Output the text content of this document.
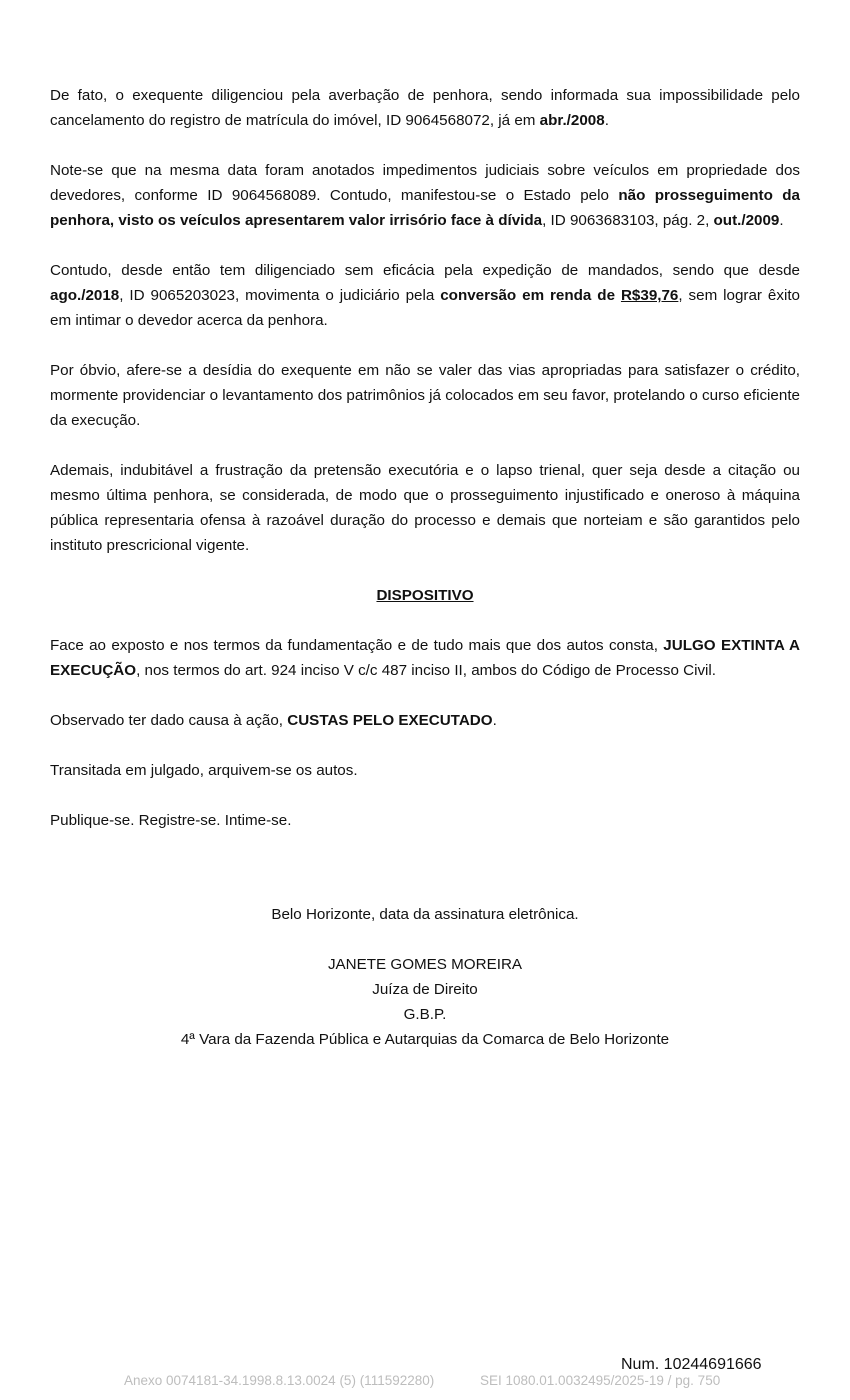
De fato, o exequente diligenciou pela averbação de penhora, sendo informada sua impossibilidade pelo cancelamento do registro de matrícula do imóvel, ID 9064568072, já em abr./2008.

Note-se que na mesma data foram anotados impedimentos judiciais sobre veículos em propriedade dos devedores, conforme ID 9064568089. Contudo, manifestou-se o Estado pelo não prosseguimento da penhora, visto os veículos apresentarem valor irrisório face à dívida, ID 9063683103, pág. 2, out./2009.

Contudo, desde então tem diligenciado sem eficácia pela expedição de mandados, sendo que desde ago./2018, ID 9065203023, movimenta o judiciário pela conversão em renda de R$39,76, sem lograr êxito em intimar o devedor acerca da penhora.

Por óbvio, afere-se a desídia do exequente em não se valer das vias apropriadas para satisfazer o crédito, mormente providenciar o levantamento dos patrimônios já colocados em seu favor, protelando o curso eficiente da execução.

Ademais, indubitável a frustração da pretensão executória e o lapso trienal, quer seja desde a citação ou mesmo última penhora, se considerada, de modo que o prosseguimento injustificado e oneroso à máquina pública representaria ofensa à razoável duração do processo e demais que norteiam e são garantidos pelo instituto prescricional vigente.

DISPOSITIVO

Face ao exposto e nos termos da fundamentação e de tudo mais que dos autos consta, JULGO EXTINTA A EXECUÇÃO, nos termos do art. 924 inciso V c/c 487 inciso II, ambos do Código de Processo Civil.

Observado ter dado causa à ação, CUSTAS PELO EXECUTADO.

Transitada em julgado, arquivem-se os autos.

Publique-se. Registre-se. Intime-se.

Belo Horizonte, data da assinatura eletrônica.

JANETE GOMES MOREIRA

Juíza de Direito

G.B.P.

4ª Vara da Fazenda Pública e Autarquias da Comarca de Belo Horizonte

Num. 10244691666
Anexo 0074181-34.1998.8.13.0024 (5) (111592280)	SEI 1080.01.0032495/2025-19 / pg. 750
